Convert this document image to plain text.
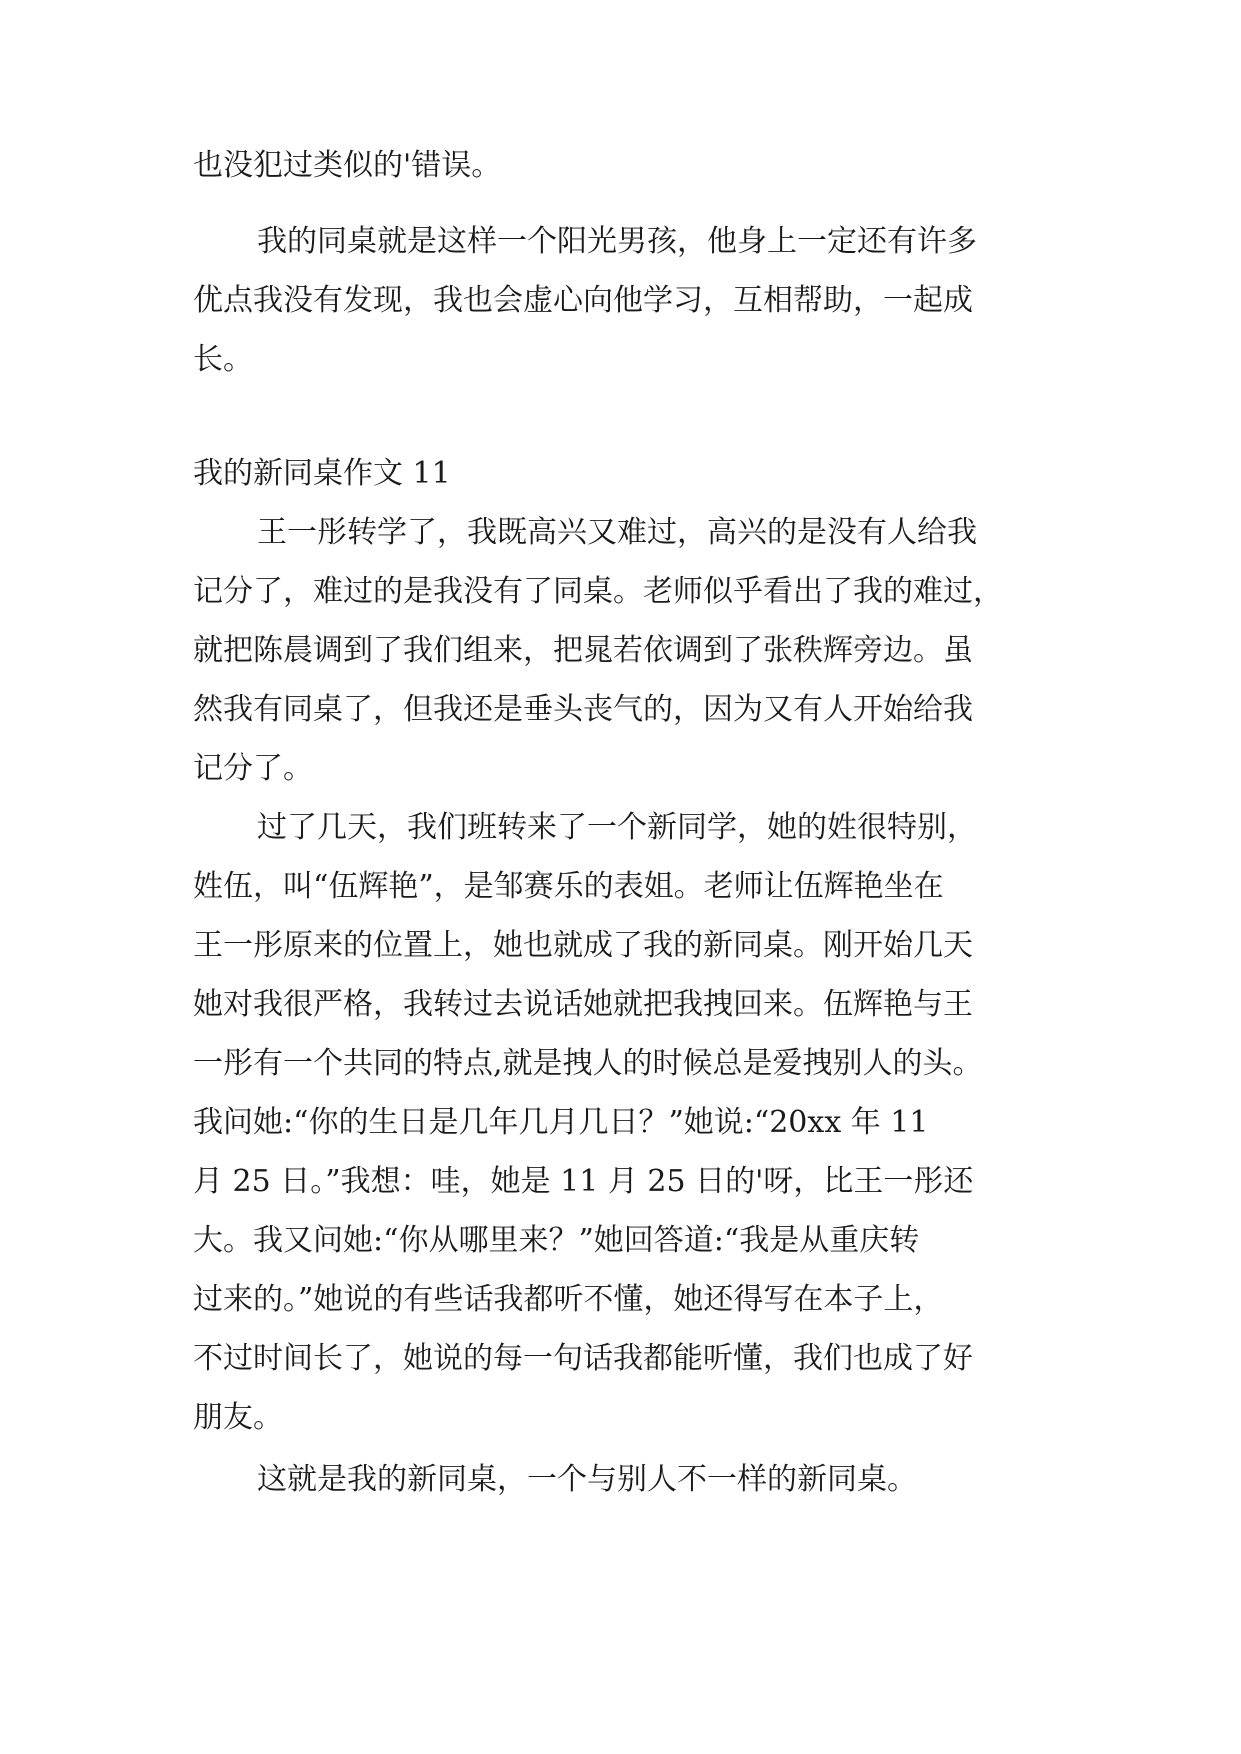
也没犯过类似的'错误。
我的同桌就是这样一个阳光男孩，他身上一定还有许多
优点我没有发现，我也会虚心向他学习，互相帮助，一起成
长。
我的新同桌作文 11
王一彤转学了，我既高兴又难过，高兴的是没有人给我
记分了，难过的是我没有了同桌。老师似乎看出了我的难过，
就把陈晨调到了我们组来，把晁若依调到了张秩辉旁边。虽
然我有同桌了，但我还是垂头丧气的，因为又有人开始给我
记分了。
过了几天，我们班转来了一个新同学，她的姓很特别，
姓伍，叫“伍辉艳”，是邹赛乐的表姐。老师让伍辉艳坐在
王一彤原来的位置上，她也就成了我的新同桌。刚开始几天
她对我很严格，我转过去说话她就把我拽回来。伍辉艳与王
一彤有一个共同的特点,就是拽人的时候总是爱拽别人的头。
我问她:“你的生日是几年几月几日？”她说:“20xx 年 11
月 25 日。”我想：哇，她是 11 月 25 日的'呀，比王一彤还
大。我又问她:“你从哪里来？”她回答道:“我是从重庆转
过来的。”她说的有些话我都听不懂，她还得写在本子上，
不过时间长了，她说的每一句话我都能听懂，我们也成了好
朋友。
这就是我的新同桌，一个与别人不一样的新同桌。
